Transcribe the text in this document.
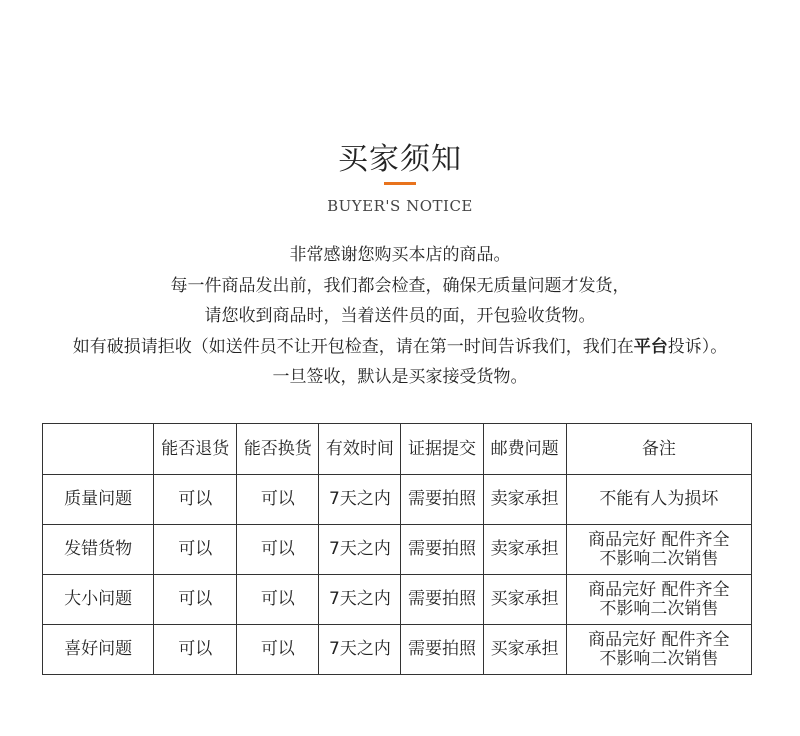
买家须知
BUYER'S NOTICE
非常感谢您购买本店的商品。
每一件商品发出前，我们都会检查，确保无质量问题才发货，
请您收到商品时，当着送件员的面，开包验收货物。
如有破损请拒收（如送件员不让开包检查，请在第一时间告诉我们，我们在平台投诉）。
一旦签收，默认是买家接受货物。
	能否退货	能否换货	有效时间	证据提交	邮费问题	备注
质量问题	可以	可以	7天之内	需要拍照	卖家承担	不能有人为损坏

发错货物	可以	可以	7天之内	需要拍照	卖家承担	商品完好 配件齐全
不影响二次销售

大小问题	可以	可以	7天之内	需要拍照	买家承担	商品完好 配件齐全
不影响二次销售

喜好问题	可以	可以	7天之内	需要拍照	买家承担	商品完好 配件齐全
不影响二次销售
